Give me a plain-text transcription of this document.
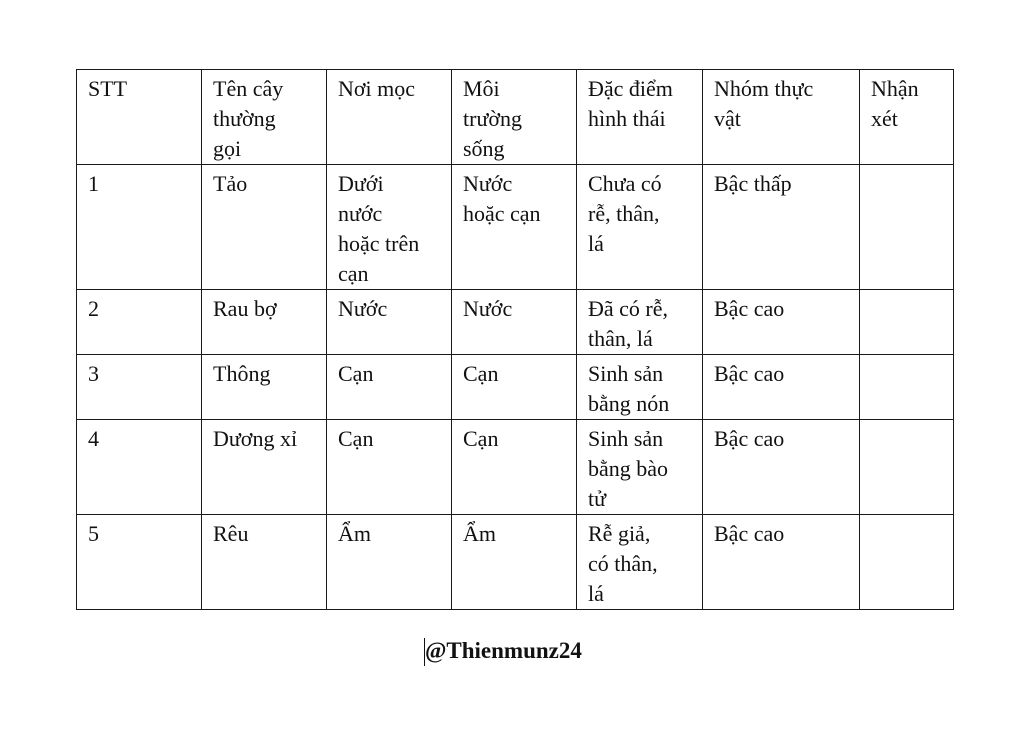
STT	Tên cây
thường
gọi	Nơi mọc	Môi
trường
sống	Đặc điểm
hình thái	Nhóm thực
vật	Nhận
xét

1	Tảo	Dưới
nước
hoặc trên
cạn	Nước
hoặc cạn	Chưa có
rễ, thân,
lá	Bậc thấp	

2	Rau bợ	Nước	Nước	Đã có rễ,
thân, lá	Bậc cao	

3	Thông	Cạn	Cạn	Sinh sản
bằng nón	Bậc cao	

4	Dương xỉ	Cạn	Cạn	Sinh sản
bằng bào
tử	Bậc cao	

5	Rêu	Ẩm	Ẩm	Rễ giả,
có thân,
lá	Bậc cao	

@Thienmunz24
